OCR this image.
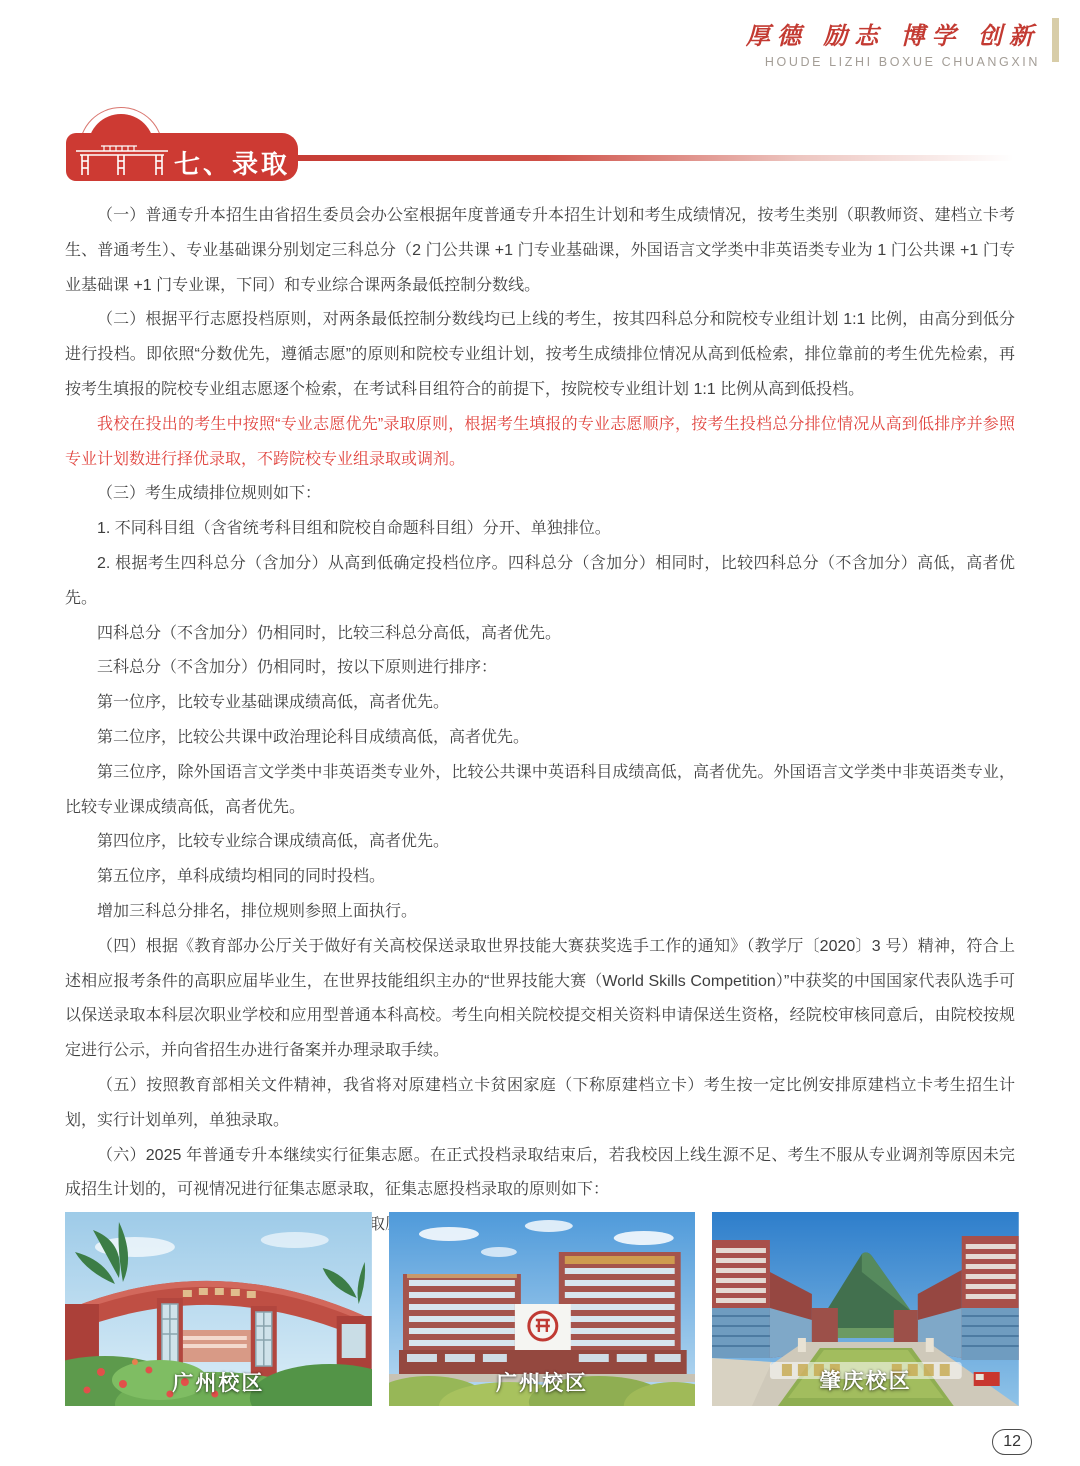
厚德 励志 博学 创新
HOUDE LIZHI BOXUE CHUANGXIN
七、录取

（一）普通专升本招生由省招生委员会办公室根据年度普通专升本招生计划和考生成绩情况，按考生类别（职教师资、建档立卡考生、普通考生）、专业基础课分别划定三科总分（2 门公共课 +1 门专业基础课，外国语言文学类中非英语类专业为 1 门公共课 +1 门专业基础课 +1 门专业课，下同）和专业综合课两条最低控制分数线。

（二）根据平行志愿投档原则，对两条最低控制分数线均已上线的考生，按其四科总分和院校专业组计划 1:1 比例，由高分到低分进行投档。即依照“分数优先，遵循志愿”的原则和院校专业组计划，按考生成绩排位情况从高到低检索，排位靠前的考生优先检索，再按考生填报的院校专业组志愿逐个检索，在考试科目组符合的前提下，按院校专业组计划 1:1 比例从高到低投档。

我校在投出的考生中按照“专业志愿优先”录取原则，根据考生填报的专业志愿顺序，按考生投档总分排位情况从高到低排序并参照专业计划数进行择优录取，不跨院校专业组录取或调剂。

（三）考生成绩排位规则如下：

1. 不同科目组（含省统考科目组和院校自命题科目组）分开、单独排位。

2. 根据考生四科总分（含加分）从高到低确定投档位序。四科总分（含加分）相同时，比较四科总分（不含加分）高低，高者优先。

四科总分（不含加分）仍相同时，比较三科总分高低，高者优先。

三科总分（不含加分）仍相同时，按以下原则进行排序：

第一位序，比较专业基础课成绩高低，高者优先。

第二位序，比较公共课中政治理论科目成绩高低，高者优先。

第三位序，除外国语言文学类中非英语类专业外，比较公共课中英语科目成绩高低，高者优先。外国语言文学类中非英语类专业，比较专业课成绩高低，高者优先。

第四位序，比较专业综合课成绩高低，高者优先。

第五位序，单科成绩均相同的同时投档。

增加三科总分排名，排位规则参照上面执行。

（四）根据《教育部办公厅关于做好有关高校保送录取世界技能大赛获奖选手工作的通知》（教学厅〔2020〕3 号）精神，符合上述相应报考条件的高职应届毕业生，在世界技能组织主办的“世界技能大赛（World Skills Competition）”中获奖的中国国家代表队选手可以保送录取本科层次职业学校和应用型普通本科高校。考生向相关院校提交相关资料申请保送生资格，经院校审核同意后，由院校按规定进行公示，并向省招生办进行备案并办理录取手续。

（五）按照教育部相关文件精神，我省将对原建档立卡贫困家庭（下称原建档立卡）考生按一定比例安排原建档立卡考生招生计划，实行计划单列，单独录取。

（六）2025 年普通专升本继续实行征集志愿。在正式投档录取结束后，若我校因上线生源不足、考生不服从专业调剂等原因未完成招生计划的，可视情况进行征集志愿录取，征集志愿投档录取的原则如下：

广州校区	广州校区	肇庆校区
12
